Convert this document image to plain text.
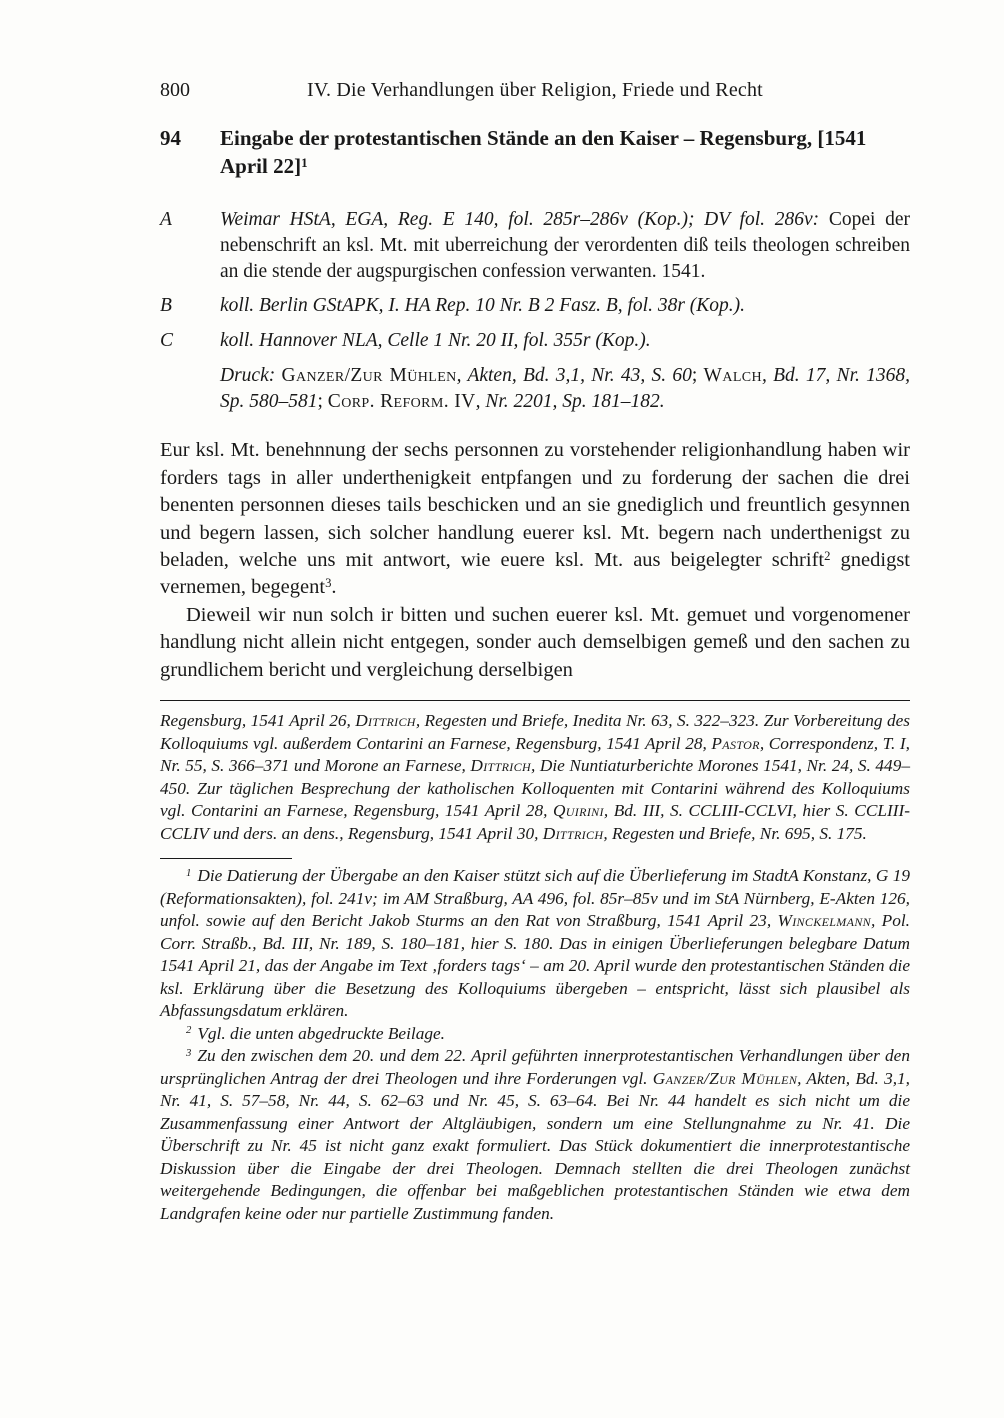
800	IV. Die Verhandlungen über Religion, Friede und Recht
94	Eingabe der protestantischen Stände an den Kaiser – Regensburg, [1541 April 22]$^1$
A	Weimar HStA, EGA, Reg. E 140, fol. 285r–286v (Kop.); DV fol. 286v: Copei der nebenschrift an ksl. Mt. mit uberreichung der verordenten diß teils theologen schreiben an die stende der augspurgischen confession verwanten. 1541.
B	koll. Berlin GStAPK, I. HA Rep. 10 Nr. B 2 Fasz. B, fol. 38r (Kop.).
C	koll. Hannover NLA, Celle 1 Nr. 20 II, fol. 355r (Kop.).
Druck: Ganzer/Zur Mühlen, Akten, Bd. 3,1, Nr. 43, S. 60; Walch, Bd. 17, Nr. 1368, Sp. 580–581; Corp. Reform. IV, Nr. 2201, Sp. 181–182.

Eur ksl. Mt. benehnnung der sechs personnen zu vorstehender religionhandlung haben wir forders tags in aller underthenigkeit entpfangen und zu forderung der sachen die drei benenten personnen dieses tails beschicken und an sie gnediglich und freuntlich gesynnen und begern lassen, sich solcher handlung euerer ksl. Mt. begern nach underthenigst zu beladen, welche uns mit antwort, wie euere ksl. Mt. aus beigelegter schrift$^2$ gnedigst vernemen, begegent$^3$.

Dieweil wir nun solch ir bitten und suchen euerer ksl. Mt. gemuet und vorgenomener handlung nicht allein nicht entgegen, sonder auch demselbigen gemeß und den sachen zu grundlichem bericht und vergleichung derselbigen

Regensburg, 1541 April 26, Dittrich, Regesten und Briefe, Inedita Nr. 63, S. 322–323. Zur Vorbereitung des Kolloquiums vgl. außerdem Contarini an Farnese, Regensburg, 1541 April 28, Pastor, Correspondenz, T. I, Nr. 55, S. 366–371 und Morone an Farnese, Dittrich, Die Nuntiaturberichte Morones 1541, Nr. 24, S. 449–450. Zur täglichen Besprechung der katholischen Kolloquenten mit Contarini während des Kolloquiums vgl. Contarini an Farnese, Regensburg, 1541 April 28, Quirini, Bd. III, S. CCLIII-CCLVI, hier S. CCLIII-CCLIV und ders. an dens., Regensburg, 1541 April 30, Dittrich, Regesten und Briefe, Nr. 695, S. 175.

$^1$ Die Datierung der Übergabe an den Kaiser stützt sich auf die Überlieferung im StadtA Konstanz, G 19 (Reformationsakten), fol. 241v; im AM Straßburg, AA 496, fol. 85r–85v und im StA Nürnberg, E-Akten 126, unfol. sowie auf den Bericht Jakob Sturms an den Rat von Straßburg, 1541 April 23, Winckelmann, Pol. Corr. Straßb., Bd. III, Nr. 189, S. 180–181, hier S. 180. Das in einigen Überlieferungen belegbare Datum 1541 April 21, das der Angabe im Text ‚forders tags‘ – am 20. April wurde den protestantischen Ständen die ksl. Erklärung über die Besetzung des Kolloquiums übergeben – entspricht, lässt sich plausibel als Abfassungsdatum erklären.

$^2$ Vgl. die unten abgedruckte Beilage.

$^3$ Zu den zwischen dem 20. und dem 22. April geführten innerprotestantischen Verhandlungen über den ursprünglichen Antrag der drei Theologen und ihre Forderungen vgl. Ganzer/Zur Mühlen, Akten, Bd. 3,1, Nr. 41, S. 57–58, Nr. 44, S. 62–63 und Nr. 45, S. 63–64. Bei Nr. 44 handelt es sich nicht um die Zusammenfassung einer Antwort der Altgläubigen, sondern um eine Stellungnahme zu Nr. 41. Die Überschrift zu Nr. 45 ist nicht ganz exakt formuliert. Das Stück dokumentiert die innerprotestantische Diskussion über die Eingabe der drei Theologen. Demnach stellten die drei Theologen zunächst weitergehende Bedingungen, die offenbar bei maßgeblichen protestantischen Ständen wie etwa dem Landgrafen keine oder nur partielle Zustimmung fanden.
